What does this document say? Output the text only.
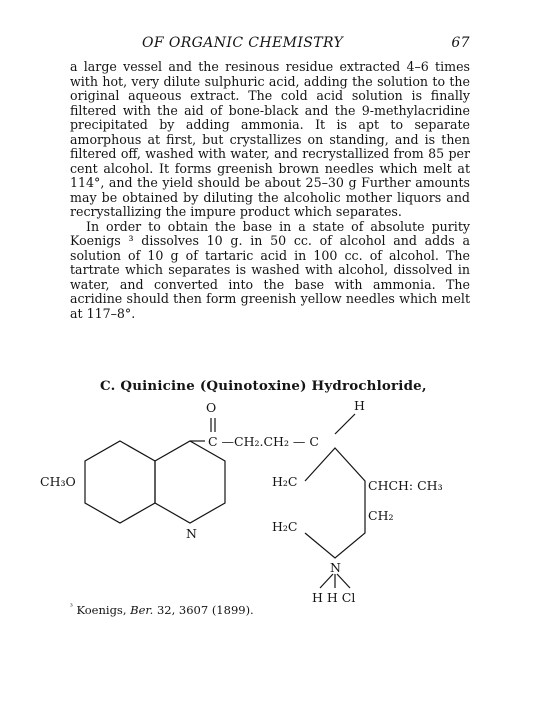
OF ORGANIC CHEMISTRY	67

a large vessel and the resinous residue extracted 4–6 times with hot, very dilute sulphuric acid, adding the solution to the original aqueous extract. The cold acid solution is finally filtered with the aid of bone-black and the 9-methylacridine precipitated by adding ammonia. It is apt to separate amorphous at first, but crystallizes on standing, and is then filtered off, washed with water, and recrystallized from 85 per cent alcohol. It forms greenish brown needles which melt at 114°, and the yield should be about 25–30 g Further amounts may be obtained by diluting the alcoholic mother liquors and recrystallizing the impure product which separates.

In order to obtain the base in a state of absolute purity Koenigs ³ dissolves 10 g. in 50 cc. of alcohol and adds a solution of 10 g of tartaric acid in 100 cc. of alcohol. The tartrate which separates is washed with alcohol, dissolved in water, and converted into the base with ammonia. The acridine should then form greenish yellow needles which melt at 117–8°.

C. Quinicine (Quinotoxine) Hydrochloride,
O
C —CH₂.CH₂ — C
H
CH₃O
N
H₂C
H₂C
CHCH: CH₃
CH₂
N
H H Cl
$^{^3}$ Koenigs, Ber. 32, 3607 (1899).
